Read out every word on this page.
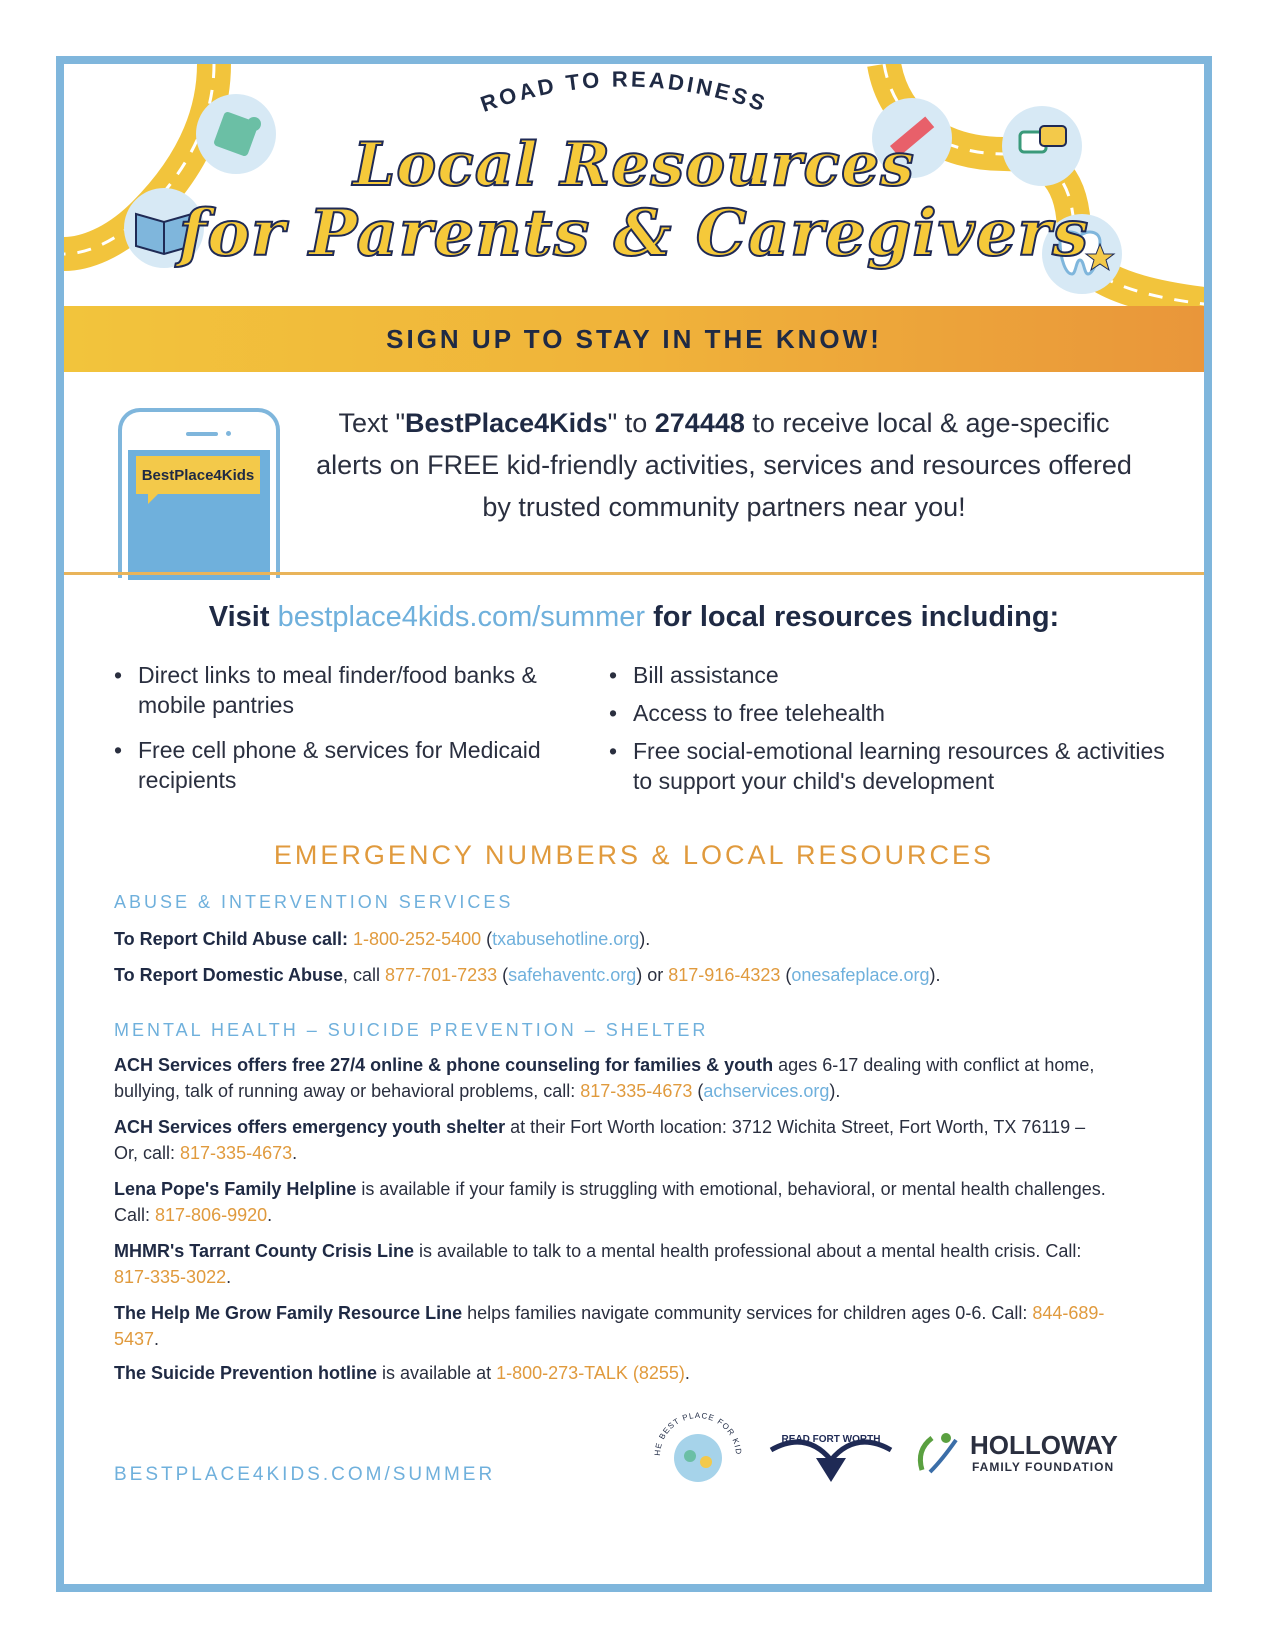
ROAD TO READINESS
Local Resources
for Parents & Caregivers
SIGN UP TO STAY IN THE KNOW!
BestPlace4Kids
Text "BestPlace4Kids" to 274448 to receive local & age-specific alerts on FREE kid-friendly activities, services and resources offered by trusted community partners near you!
Visit bestplace4kids.com/summer for local resources including:
• Direct links to meal finder/food banks & mobile pantries
• Free cell phone & services for Medicaid recipients
• Bill assistance
• Access to free telehealth
• Free social-emotional learning resources & activities to support your child's development
EMERGENCY NUMBERS & LOCAL RESOURCES
ABUSE & INTERVENTION SERVICES
To Report Child Abuse call: 1-800-252-5400 (txabusehotline.org).
To Report Domestic Abuse, call 877-701-7233 (safehaventc.org) or 817-916-4323 (onesafeplace.org).
MENTAL HEALTH – SUICIDE PREVENTION – SHELTER
ACH Services offers free 27/4 online & phone counseling for families & youth ages 6-17 dealing with conflict at home, bullying, talk of running away or behavioral problems, call: 817-335-4673 (achservices.org).
ACH Services offers emergency youth shelter at their Fort Worth location: 3712 Wichita Street, Fort Worth, TX 76119 – Or, call: 817-335-4673.
Lena Pope's Family Helpline is available if your family is struggling with emotional, behavioral, or mental health challenges. Call: 817-806-9920.
MHMR's Tarrant County Crisis Line is available to talk to a mental health professional about a mental health crisis. Call: 817-335-3022.
The Help Me Grow Family Resource Line helps families navigate community services for children ages 0-6. Call: 844-689-5437.
The Suicide Prevention hotline is available at 1-800-273-TALK (8255).
BESTPLACE4KIDS.COM/SUMMER
HE BEST PLACE FOR KID
READ FORT WORTH	HOLLOWAY
FAMILY FOUNDATION
